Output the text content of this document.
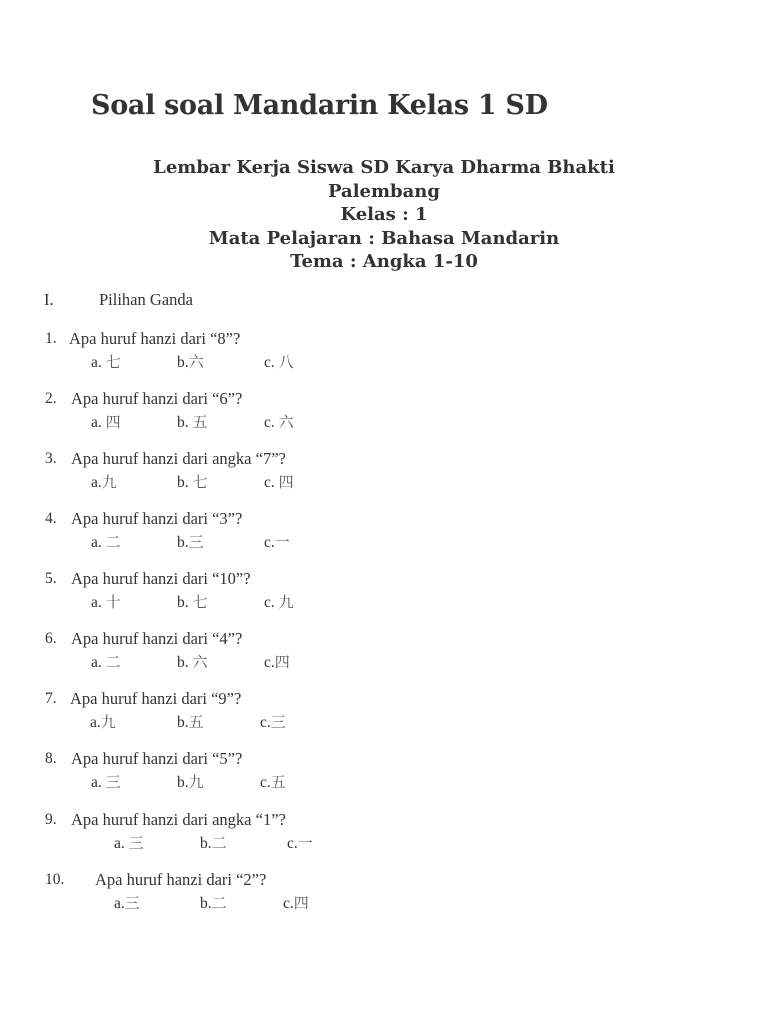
Soal soal Mandarin Kelas 1 SD
Lembar Kerja Siswa SD Karya Dharma Bhakti
Palembang
Kelas : 1
Mata Pelajaran : Bahasa Mandarin
Tema : Angka 1-10
I.	Pilihan Ganda
1. Apa huruf hanzi dari “8”?
a. 七	b.六	c. 八
2. Apa huruf hanzi dari “6”?
a. 四	b. 五	c. 六
3. Apa huruf hanzi dari angka “7”?
a.九	b. 七	c. 四
4. Apa huruf hanzi dari “3”?
a. 二	b.三	c.一
5. Apa huruf hanzi dari “10”?
a. 十	b. 七	c. 九
6. Apa huruf hanzi dari “4”?
a. 二	b. 六	c.四
7. Apa huruf hanzi dari “9”?
a.九	b.五	c.三
8. Apa huruf hanzi dari “5”?
a. 三	b.九	c.五
9. Apa huruf hanzi dari angka “1”?
a. 三	b.二	c.一
10. Apa huruf hanzi dari “2”?
a.三	b.二	c.四
